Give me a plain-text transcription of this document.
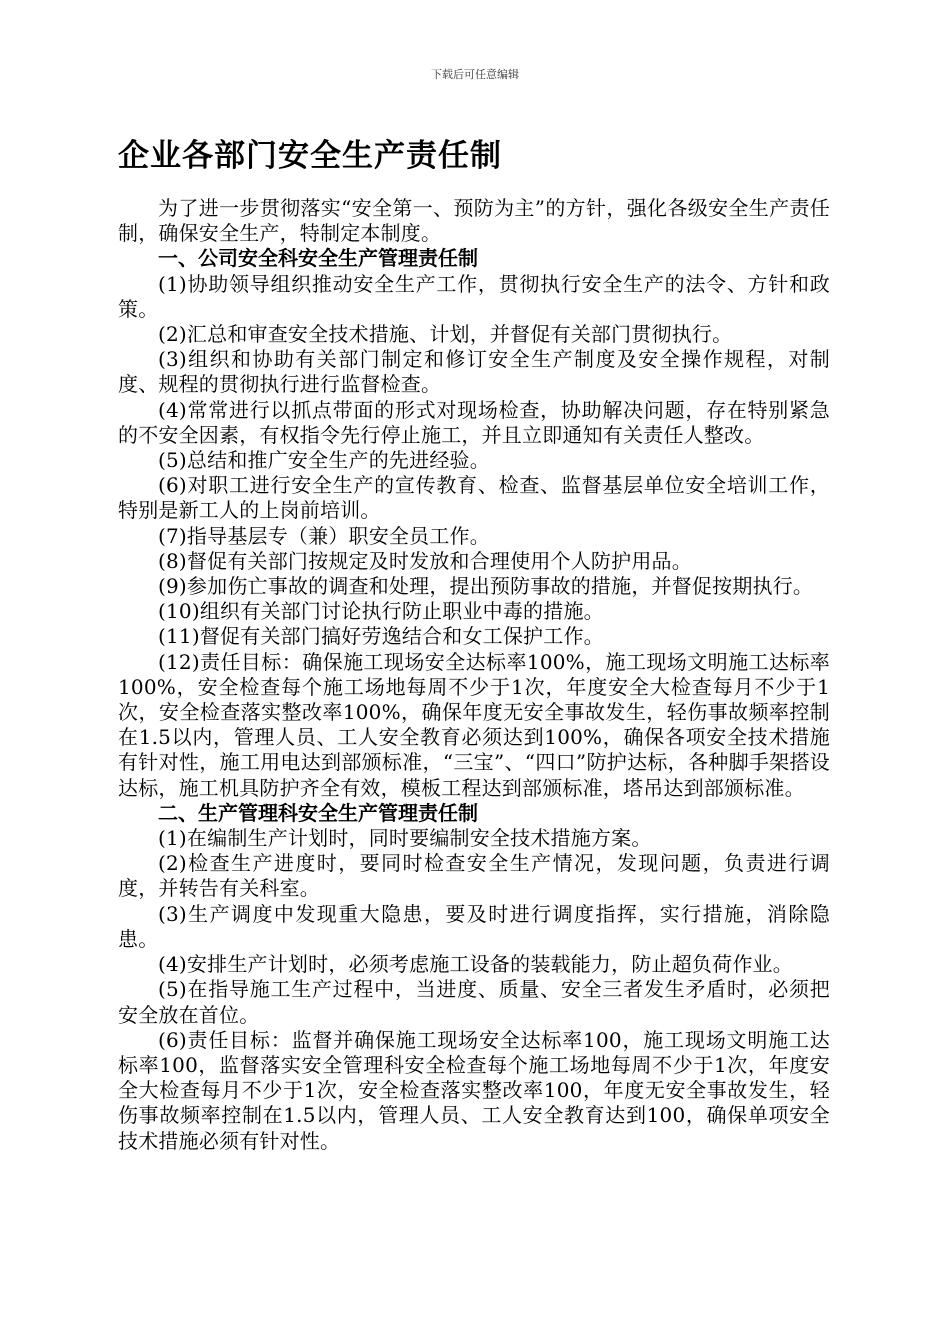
下载后可任意编辑
企业各部门安全生产责任制

为了进一步贯彻落实“安全第一、预防为主”的方针，强化各级安全生产责任制，确保安全生产，特制定本制度。

一、公司安全科安全生产管理责任制

(1)协助领导组织推动安全生产工作，贯彻执行安全生产的法令、方针和政策。

(2)汇总和审查安全技术措施、计划，并督促有关部门贯彻执行。

(3)组织和协助有关部门制定和修订安全生产制度及安全操作规程，对制度、规程的贯彻执行进行监督检查。

(4)常常进行以抓点带面的形式对现场检查，协助解决问题，存在特别紧急的不安全因素，有权指令先行停止施工，并且立即通知有关责任人整改。

(5)总结和推广安全生产的先进经验。

(6)对职工进行安全生产的宣传教育、检查、监督基层单位安全培训工作，特别是新工人的上岗前培训。

(7)指导基层专（兼）职安全员工作。

(8)督促有关部门按规定及时发放和合理使用个人防护用品。

(9)参加伤亡事故的调查和处理，提出预防事故的措施，并督促按期执行。

(10)组织有关部门讨论执行防止职业中毒的措施。

(11)督促有关部门搞好劳逸结合和女工保护工作。

(12)责任目标：确保施工现场安全达标率100%，施工现场文明施工达标率100%，安全检查每个施工场地每周不少于1次，年度安全大检查每月不少于1次，安全检查落实整改率100%，确保年度无安全事故发生，轻伤事故频率控制在1.5以内，管理人员、工人安全教育必须达到100%，确保各项安全技术措施有针对性，施工用电达到部颁标准，“三宝”、“四口”防护达标，各种脚手架搭设达标，施工机具防护齐全有效，模板工程达到部颁标准，塔吊达到部颁标准。

二、生产管理科安全生产管理责任制

(1)在编制生产计划时，同时要编制安全技术措施方案。

(2)检查生产进度时，要同时检查安全生产情况，发现问题，负责进行调度，并转告有关科室。

(3)生产调度中发现重大隐患，要及时进行调度指挥，实行措施，消除隐患。

(4)安排生产计划时，必须考虑施工设备的装载能力，防止超负荷作业。

(5)在指导施工生产过程中，当进度、质量、安全三者发生矛盾时，必须把安全放在首位。

(6)责任目标：监督并确保施工现场安全达标率100，施工现场文明施工达标率100，监督落实安全管理科安全检查每个施工场地每周不少于1次，年度安全大检查每月不少于1次，安全检查落实整改率100，年度无安全事故发生，轻伤事故频率控制在1.5以内，管理人员、工人安全教育达到100，确保单项安全技术措施必须有针对性。
